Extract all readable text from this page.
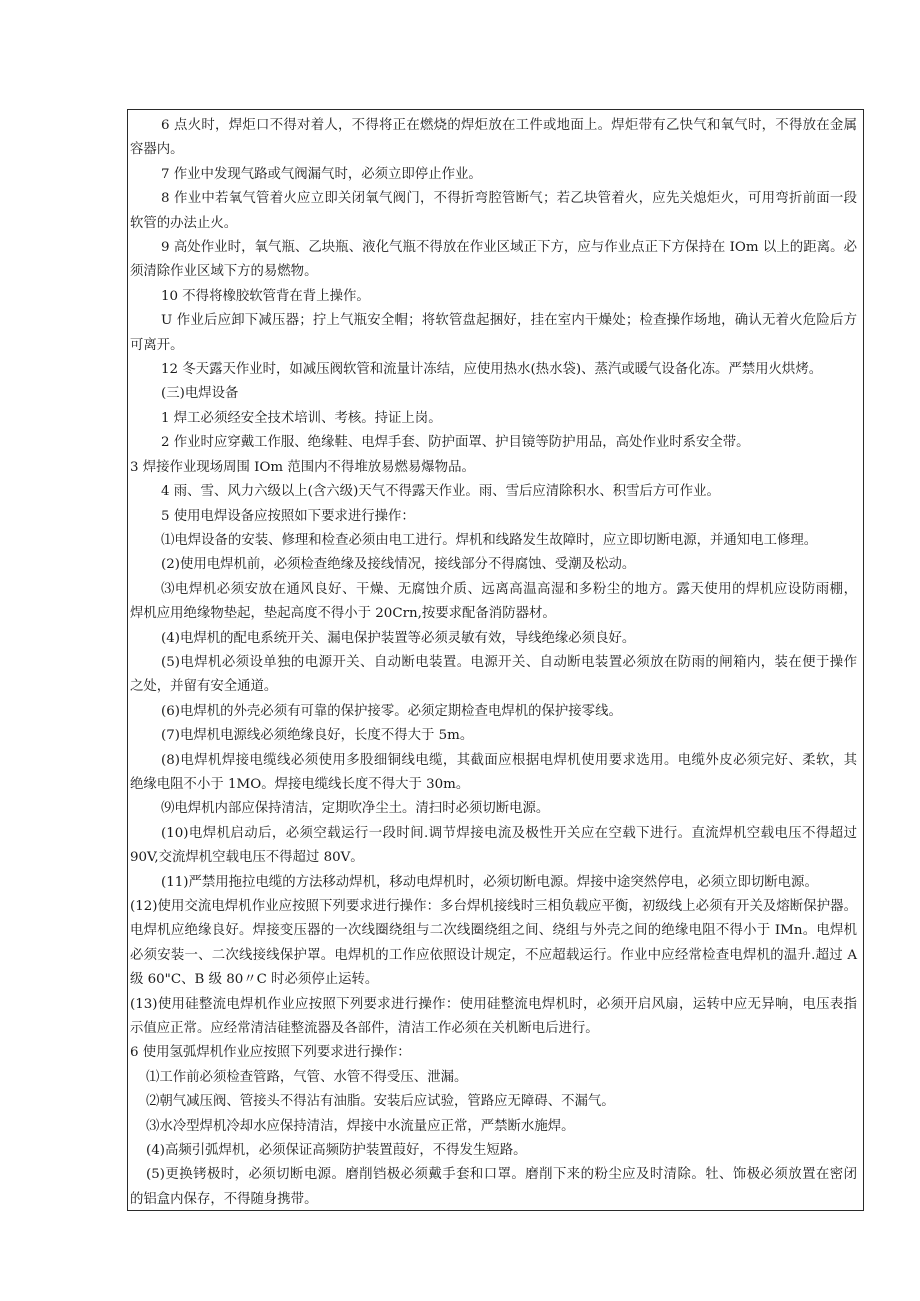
6 点火时，焊炬口不得对着人，不得将正在燃烧的焊炬放在工件或地面上。焊炬带有乙快气和氧气时，不得放在金属
容器内。
7 作业中发现气路或气阀漏气时，必须立即停止作业。
8 作业中若氧气管着火应立即关闭氧气阀门，不得折弯腔管断气；若乙块管着火，应先关熄炬火，可用弯折前面一段
软管的办法止火。
9 高处作业时，氧气瓶、乙块瓶、液化气瓶不得放在作业区域正下方，应与作业点正下方保持在 IOm 以上的距离。必
须清除作业区域下方的易燃物。
10 不得将橡胶软管背在背上操作。
U 作业后应卸下减压器；拧上气瓶安全帽；将软管盘起捆好，挂在室内干燥处；检查操作场地，确认无着火危险后方
可离开。
12 冬天露天作业时，如减压阀软管和流量计冻结，应使用热水(热水袋)、蒸汽或暖气设备化冻。严禁用火烘烤。
(三)电焊设备
1 焊工必须经安全技术培训、考核。持证上岗。
2 作业时应穿戴工作服、绝缘鞋、电焊手套、防护面罩、护目镜等防护用品，高处作业时系安全带。
3 焊接作业现场周围 IOm 范围内不得堆放易燃易爆物品。
4 雨、雪、风力六级以上(含六级)天气不得露天作业。雨、雪后应清除积水、积雪后方可作业。
5 使用电焊设备应按照如下要求进行操作：
⑴电焊设备的安装、修理和检查必须由电工进行。焊机和线路发生故障时，应立即切断电源，并通知电工修理。
(2)使用电焊机前，必须检查绝缘及接线情况，接线部分不得腐蚀、受潮及松动。
⑶电焊机必须安放在通风良好、干燥、无腐蚀介质、远离高温高湿和多粉尘的地方。露天使用的焊机应设防雨棚，
焊机应用绝缘物垫起，垫起高度不得小于 20Crn,按要求配备消防器材。
(4)电焊机的配电系统开关、漏电保护装置等必须灵敏有效，导线绝缘必须良好。
(5)电焊机必须设单独的电源开关、自动断电装置。电源开关、自动断电装置必须放在防雨的闸箱内，装在便于操作
之处，并留有安全通道。
(6)电焊机的外壳必须有可靠的保护接零。必须定期检查电焊机的保护接零线。
(7)电焊机电源线必须绝缘良好，长度不得大于 5m。
(8)电焊机焊接电缆线必须使用多股细铜线电缆，其截面应根据电焊机使用要求选用。电缆外皮必须完好、柔软，其
绝缘电阻不小于 1MO。焊接电缆线长度不得大于 30m。
⑼电焊机内部应保持清洁，定期吹净尘土。清扫时必须切断电源。
(10)电焊机启动后，必须空载运行一段时间.调节焊接电流及极性开关应在空载下进行。直流焊机空载电压不得超过
90V,交流焊机空载电压不得超过 80V。
(11)严禁用拖拉电缆的方法移动焊机，移动电焊机时，必须切断电源。焊接中途突然停电，必须立即切断电源。
(12)使用交流电焊机作业应按照下列要求进行操作：多台焊机接线时三相负载应平衡，初级线上必须有开关及熔断保护器。
电焊机应绝缘良好。焊接变压器的一次线圈绕组与二次线圈绕组之间、绕组与外壳之间的绝缘电阻不得小于 IMn。电焊机
必须安装一、二次线接线保护罩。电焊机的工作应依照设计规定，不应超载运行。作业中应经常检查电焊机的温升.超过 A
级 60"C、B 级 80〃C 时必须停止运转。
(13)使用硅整流电焊机作业应按照下列要求进行操作：使用硅整流电焊机时，必须开启风扇，运转中应无异响，电压表指
示值应正常。应经常清洁硅整流器及各部件，清洁工作必须在关机断电后进行。
6 使用氢弧焊机作业应按照下列要求进行操作：
⑴工作前必须检查管路，气管、水管不得受压、泄漏。
⑵朝气减压阀、管接头不得沾有油脂。安装后应试验，管路应无障碍、不漏气。
⑶水冷型焊机冷却水应保持清洁，焊接中水流量应正常，严禁断水施焊。
(4)高频引弧焊机，必须保证高频防护装置葭好，不得发生短路。
(5)更换铐极时，必须切断电源。磨削铛极必须戴手套和口罩。磨削下来的粉尘应及时清除。牡、饰极必须放置在密闭
的铝盒内保存，不得随身携带。
